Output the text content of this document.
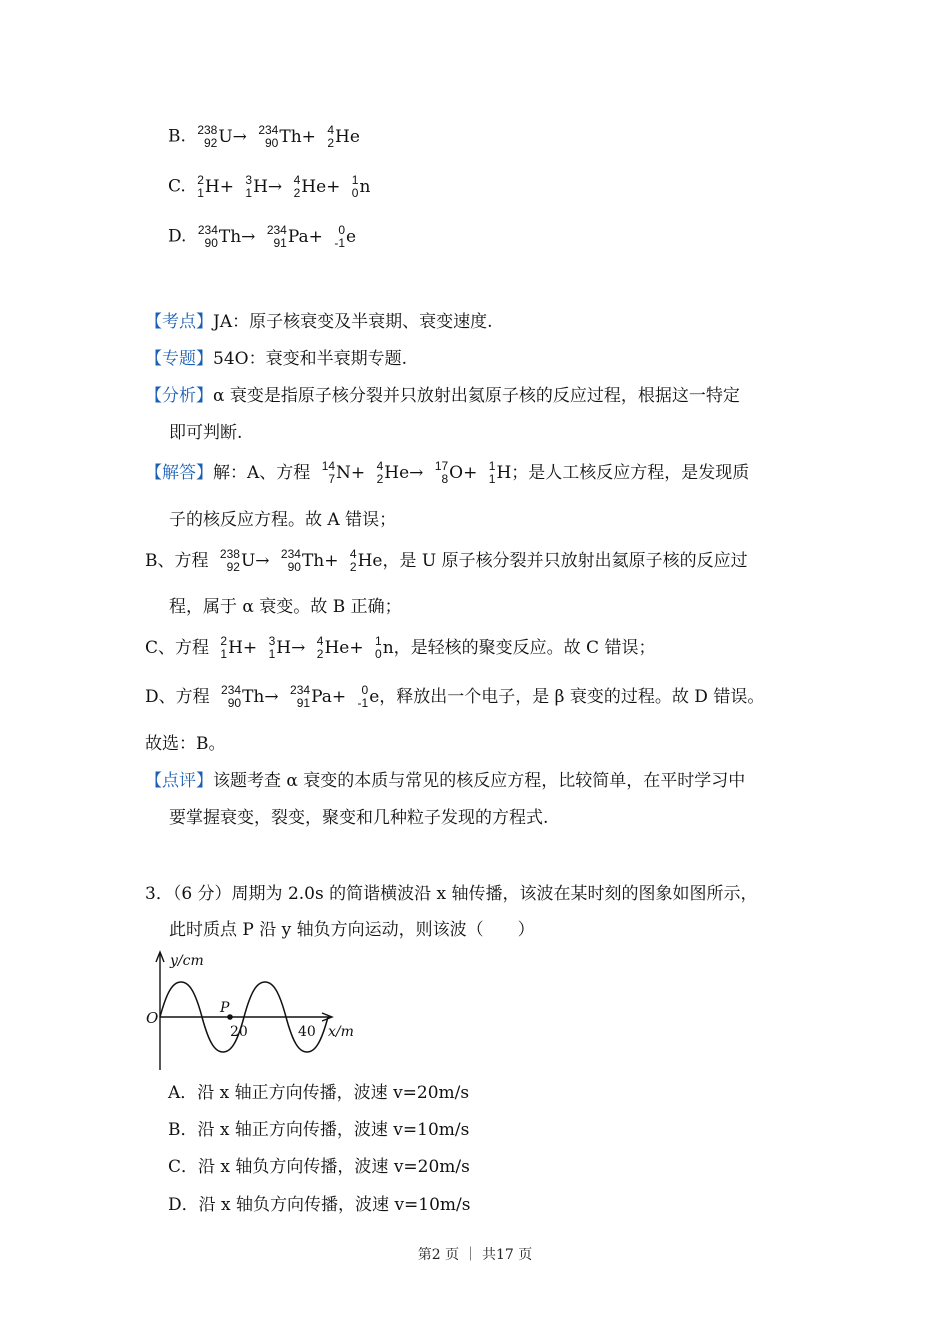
B. 238
92 U→ 234
90 Th+ 4
2 He
C. 2
1 H+ 3
1 H→ 4
2 He+ 1
0 n
D. 234
90 Th→ 234
91 Pa+ 0
-1 e
【考点】JA：原子核衰变及半衰期、衰变速度.
【专题】54O：衰变和半衰期专题.
【分析】α 衰变是指原子核分裂并只放射出氦原子核的反应过程，根据这一特定
即可判断.
【解答】解：A、方程 14
7 N+ 4
2 He→ 17
8 O+ 1
1 H；是人工核反应方程，是发现质
子的核反应方程。故 A 错误；
B、方程 238
92 U→ 234
90 Th+ 4
2 He，是 U 原子核分裂并只放射出氦原子核的反应过
程，属于 α 衰变。故 B 正确；
C、方程 2
1 H+ 3
1 H→ 4
2 He+ 1
0 n，是轻核的聚变反应。故 C 错误；
D、方程 234
90 Th→ 234
91 Pa+ 0
-1 e，释放出一个电子，是 β 衰变的过程。故 D 错误。
故选：B。
【点评】该题考查 α 衰变的本质与常见的核反应方程，比较简单，在平时学习中
要掌握衰变，裂变，聚变和几种粒子发现的方程式.
3．（6 分）周期为 2.0s 的简谐横波沿 x 轴传播，该波在某时刻的图象如图所示，
此时质点 P 沿 y 轴负方向运动，则该波（　　）
P
O
20	40
y/cm
x/m
A．沿 x 轴正方向传播，波速 v=20m/s
B．沿 x 轴正方向传播，波速 v=10m/s
C．沿 x 轴负方向传播，波速 v=20m/s
D．沿 x 轴负方向传播，波速 v=10m/s
第2 页 ｜ 共17 页
